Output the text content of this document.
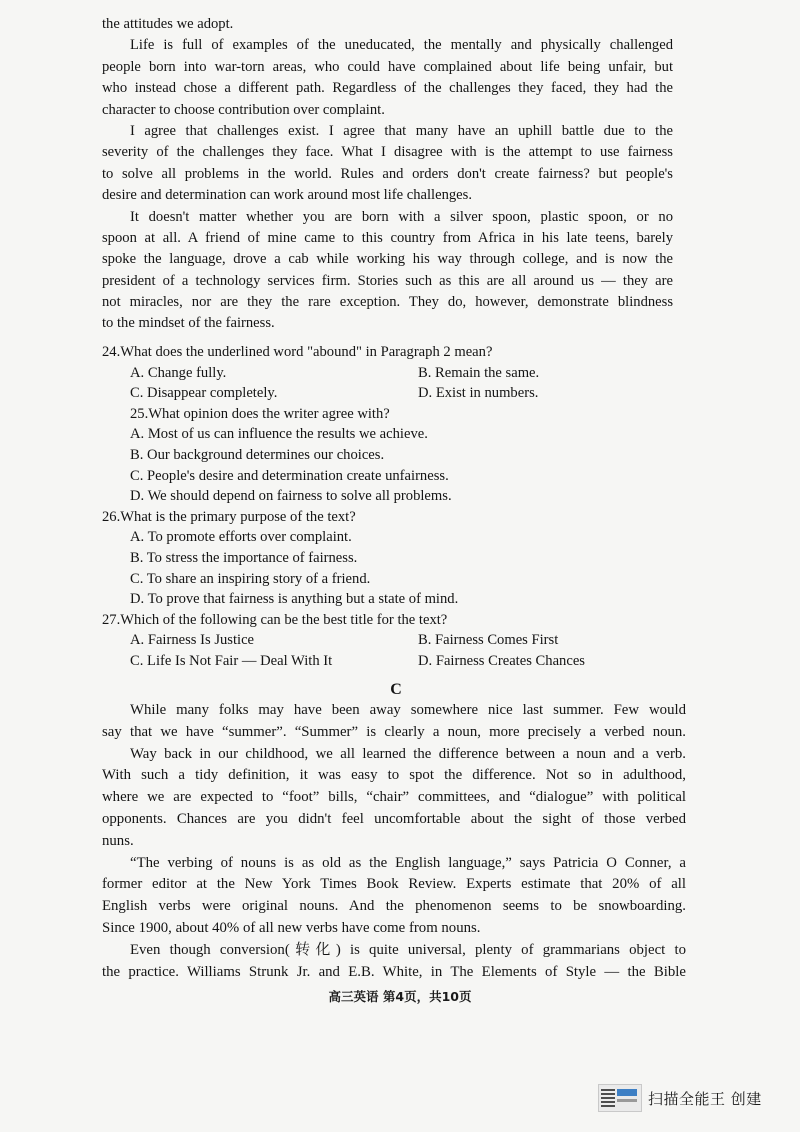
the attitudes we adopt.
Life is full of examples of the uneducated, the mentally and physically challenged
people born into war-torn areas, who could have complained about life being unfair, but
who instead chose a different path. Regardless of the challenges they faced, they had the
character to choose contribution over complaint.
I agree that challenges exist. I agree that many have an uphill battle due to the
severity of the challenges they face. What I disagree with is the attempt to use fairness
to solve all problems in the world. Rules and orders don't create fairness? but people's
desire and determination can work around most life challenges.
It doesn't matter whether you are born with a silver spoon, plastic spoon, or no
spoon at all. A friend of mine came to this country from Africa in his late teens, barely
spoke the language, drove a cab while working his way through college, and is now the
president of a technology services firm. Stories such as this are all around us — they are
not miracles, nor are they the rare exception. They do, however, demonstrate blindness
to the mindset of the fairness.
24.What does the underlined word "abound" in Paragraph 2 mean?
A. Change fully.	B. Remain the same.
C. Disappear completely.	D. Exist in numbers.
25.What opinion does the writer agree with?
A. Most of us can influence the results we achieve.
B. Our background determines our choices.
C. People's desire and determination create unfairness.
D. We should depend on fairness to solve all problems.
26.What is the primary purpose of the text?
A. To promote efforts over complaint.
B. To stress the importance of fairness.
C. To share an inspiring story of a friend.
D. To prove that fairness is anything but a state of mind.
27.Which of the following can be the best title for the text?
A. Fairness Is Justice	B. Fairness Comes First
C. Life Is Not Fair — Deal With It	D. Fairness Creates Chances
C
While many folks may have been away somewhere nice last summer. Few would
say that we have “summer”. “Summer” is clearly a noun, more precisely a verbed noun.
Way back in our childhood, we all learned the difference between a noun and a verb.
With such a tidy definition, it was easy to spot the difference. Not so in adulthood,
where we are expected to “foot” bills, “chair” committees, and “dialogue” with political
opponents. Chances are you didn't feel uncomfortable about the sight of those verbed
nuns.
“The verbing of nouns is as old as the English language,” says Patricia O Conner, a
former editor at the New York Times Book Review. Experts estimate that 20% of all
English verbs were original nouns. And the phenomenon seems to be snowboarding.
Since 1900, about 40% of all new verbs have come from nouns.
Even though conversion(转化) is quite universal, plenty of grammarians object to
the practice. Williams Strunk Jr. and E.B. White, in The Elements of Style — the Bible
高三英语 第4页，共10页
扫描全能王 创建
